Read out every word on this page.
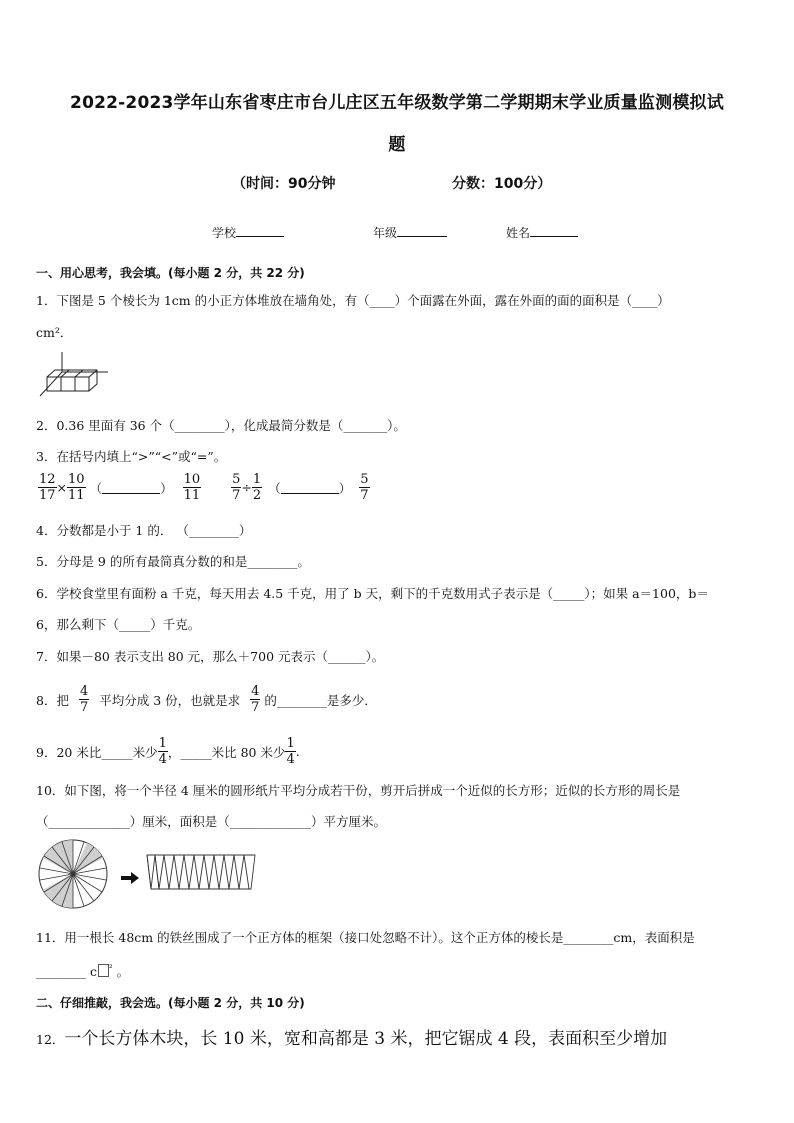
2022-2023学年山东省枣庄市台儿庄区五年级数学第二学期期末学业质量监测模拟试
题
（时间：90分钟	分数：100分）
学校	年级	姓名
一、用心思考，我会填。(每小题 2 分，共 22 分)
1．下图是 5 个棱长为 1cm 的小正方体堆放在墙角处，有（____）个面露在外面，露在外面的面的面积是（____）
cm²．
2．0.36 里面有 36 个（________），化成最简分数是（_______）。
3．在括号内填上“>”“<”或“=”。
$\frac{12}{17} \times \frac{10}{11}$ （	） $\frac{10}{11} \frac{5}{7} \div \frac{1}{2}$ （	） $\frac{5}{7}$
4．分数都是小于 1 的． （________）
5．分母是 9 的所有最简真分数的和是________。
6．学校食堂里有面粉 a 千克，每天用去 4.5 千克，用了 b 天，剩下的千克数用式子表示是（_____）；如果 a＝100，b＝
6，那么剩下（_____）千克。
7．如果－80 表示支出 80 元，那么＋700 元表示（______）。
8．把 $\frac{4}{7}$ 平均分成 3 份，也就是求 $\frac{4}{7}$ 的________是多少．
9．20 米比_____米少 $\frac{1}{4}$ ，_____米比 80 米少 $\frac{1}{4}$ .
10．如下图，将一个半径 4 厘米的圆形纸片平均分成若干份，剪开后拼成一个近似的长方形；近似的长方形的周长是
（_____________）厘米，面积是（_____________）平方厘米。
11．用一根长 48cm 的铁丝围成了一个正方体的框架（接口处忽略不计）。这个正方体的棱长是________cm，表面积是
________ c $^{^2}$ 。
二、仔细推敲，我会选。(每小题 2 分，共 10 分)
12．一个长方体木块，长 10 米，宽和高都是 3 米，把它锯成 4 段，表面积至少增加
